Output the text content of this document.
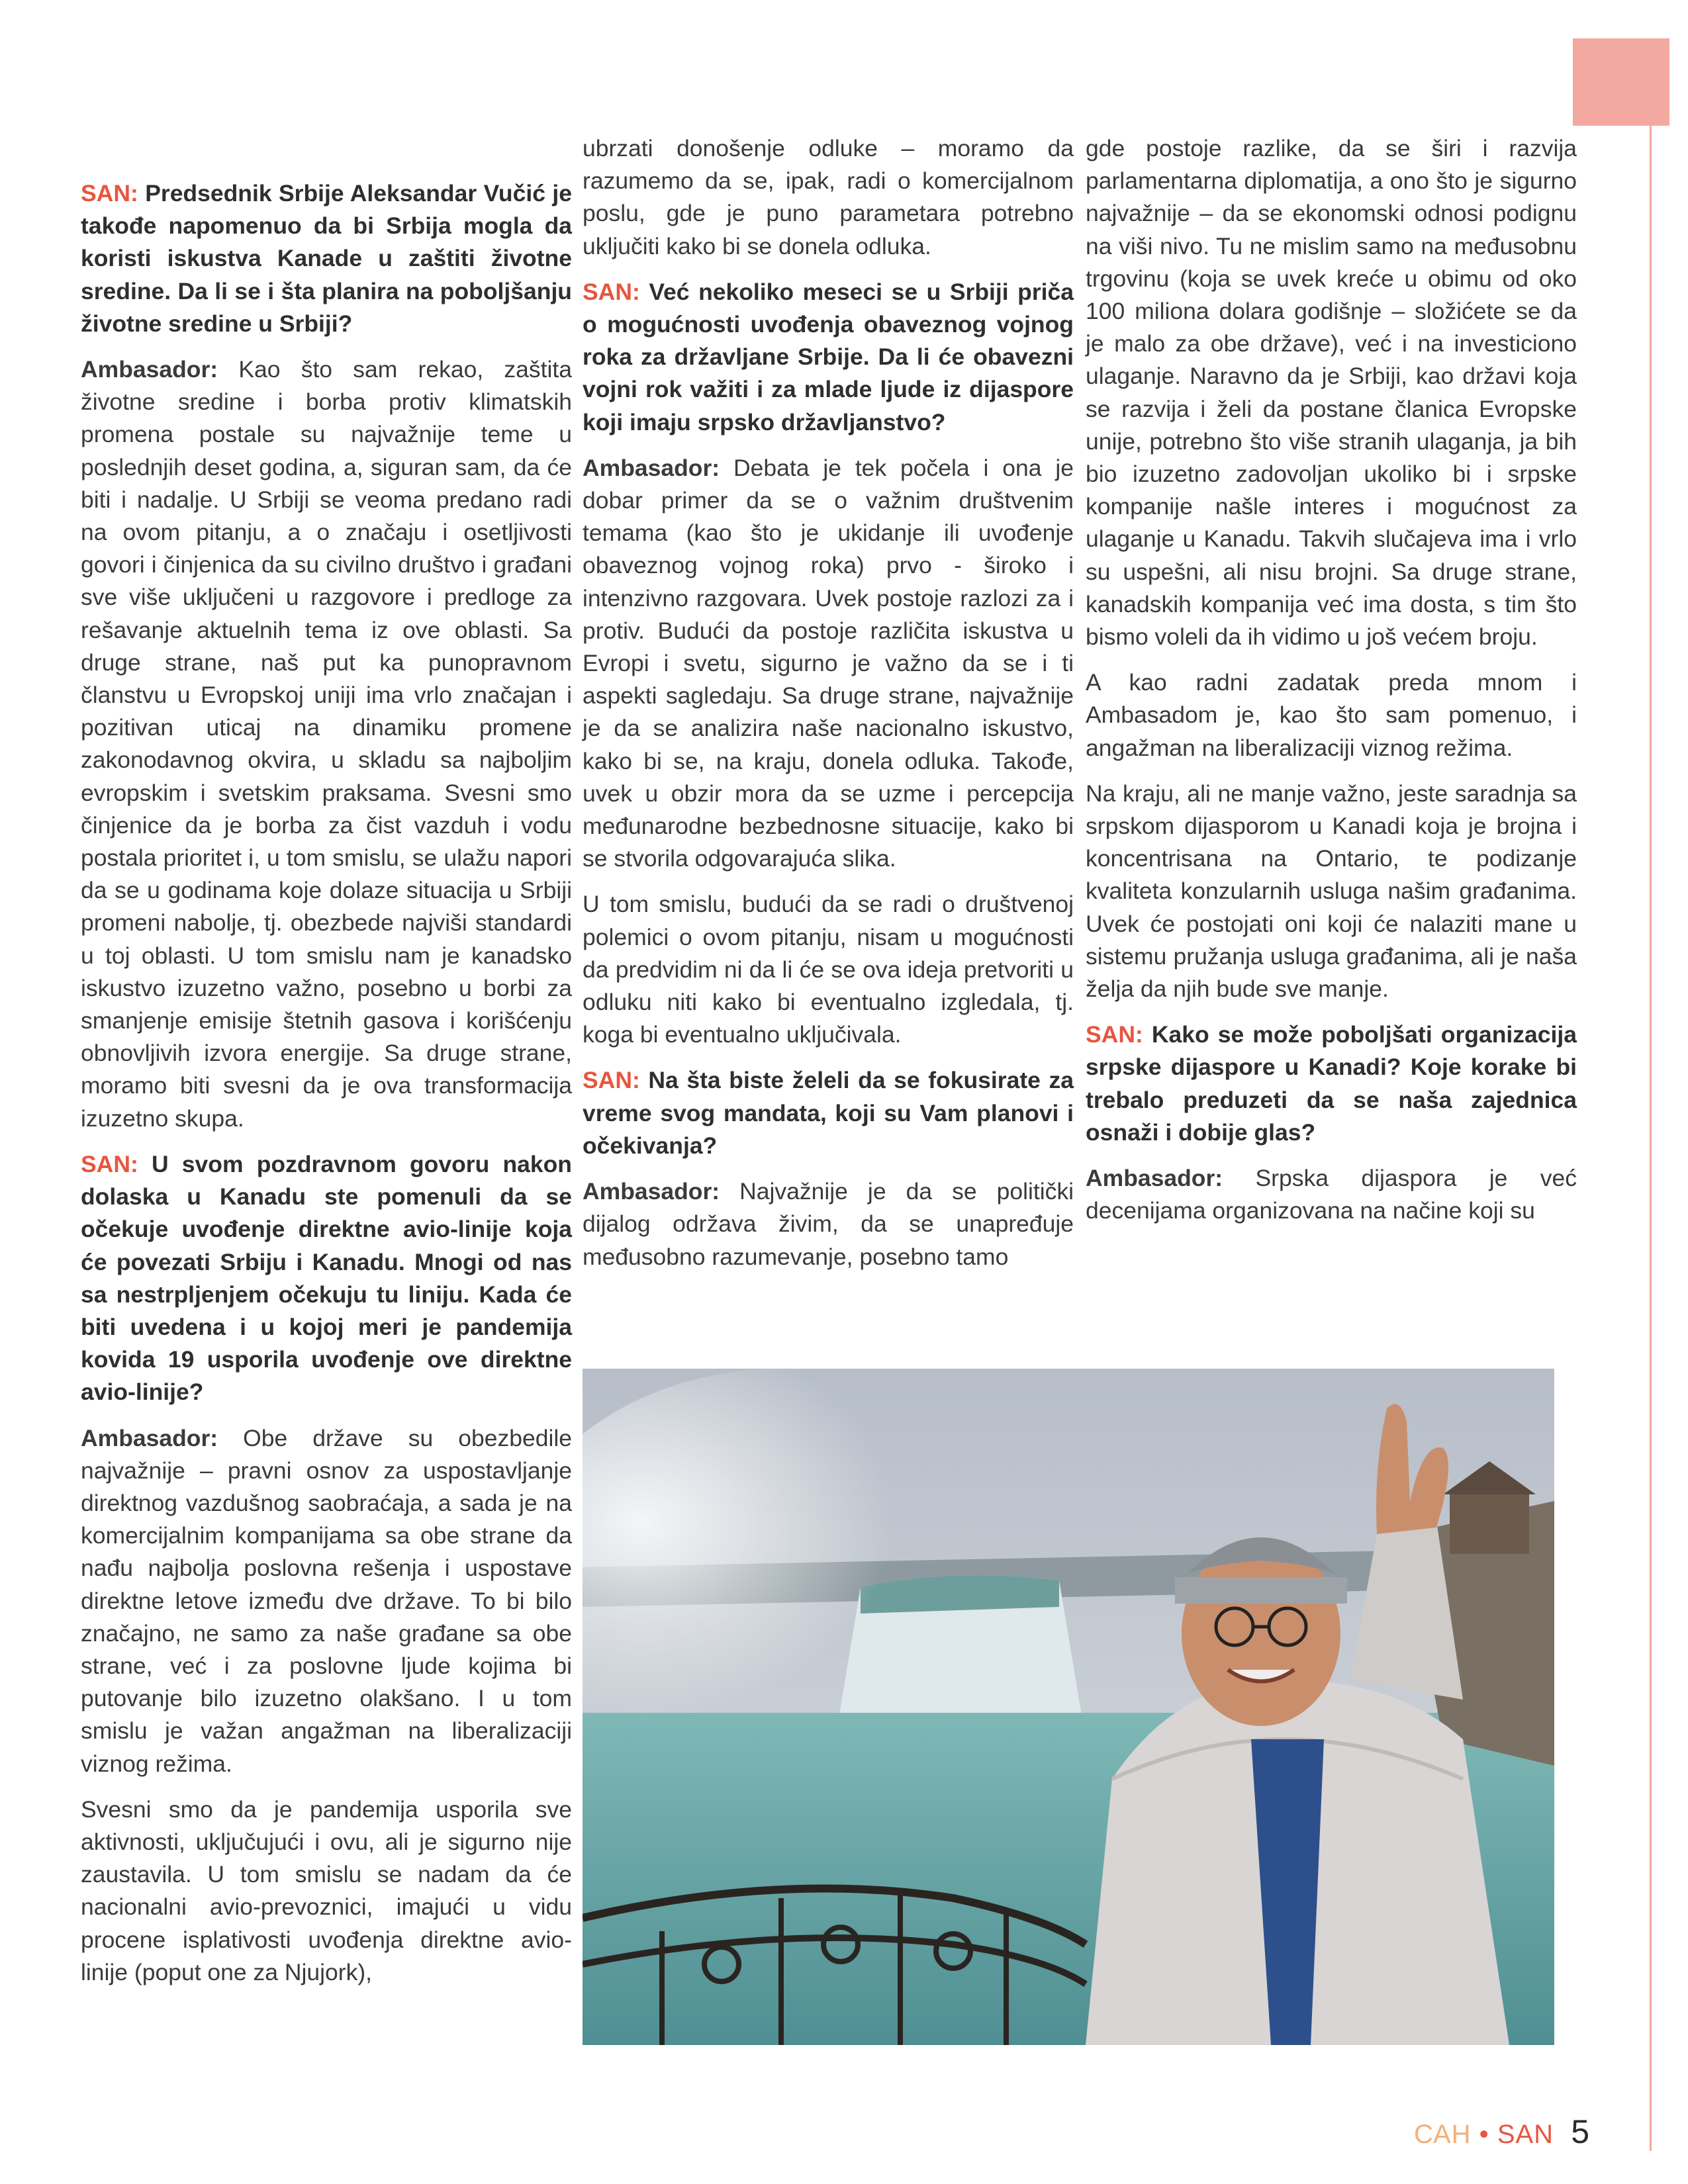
SAN: Predsednik Srbije Aleksandar Vučić je takođe napomenuo da bi Srbija mogla da koristi iskustva Kanade u zaštiti životne sredine. Da li se i šta planira na poboljšanju životne sredine u Srbiji?

Ambasador: Kao što sam rekao, zaštita životne sredine i borba protiv klimatskih promena postale su najvažnije teme u poslednjih deset godina, a, siguran sam, da će biti i nadalje. U Srbiji se veoma predano radi na ovom pitanju, a o značaju i osetljivosti govori i činjenica da su civilno društvo i građani sve više uključeni u razgovore i predloge za rešavanje aktuelnih tema iz ove oblasti. Sa druge strane, naš put ka punopravnom članstvu u Evropskoj uniji ima vrlo značajan i pozitivan uticaj na dinamiku promene zakonodavnog okvira, u skladu sa najboljim evropskim i svetskim praksama. Svesni smo činjenice da je borba za čist vazduh i vodu postala prioritet i, u tom smislu, se ulažu napori da se u godinama koje dolaze situacija u Srbiji promeni nabolje, tj. obezbede najviši standardi u toj oblasti. U tom smislu nam je kanadsko iskustvo izuzetno važno, posebno u borbi za smanjenje emisije štetnih gasova i korišćenju obnovljivih izvora energije. Sa druge strane, moramo biti svesni da je ova transformacija izuzetno skupa.

SAN: U svom pozdravnom govoru nakon dolaska u Kanadu ste pomenuli da se očekuje uvođenje direktne avio-linije koja će povezati Srbiju i Kanadu. Mnogi od nas sa nestrpljenjem očekuju tu liniju. Kada će biti uvedena i u kojoj meri je pandemija kovida 19 usporila uvođenje ove direktne avio-linije?

Ambasador: Obe države su obezbedile najvažnije – pravni osnov za uspostavljanje direktnog vazdušnog saobraćaja, a sada je na komercijalnim kompanijama sa obe strane da nađu najbolja poslovna rešenja i uspostave direktne letove između dve države. To bi bilo značajno, ne samo za naše građane sa obe strane, već i za poslovne ljude kojima bi putovanje bilo izuzetno olakšano. I u tom smislu je važan angažman na liberalizaciji viznog režima.

Svesni smo da je pandemija usporila sve aktivnosti, uključujući i ovu, ali je sigurno nije zaustavila. U tom smislu se nadam da će nacionalni avio-prevoznici, imajući u vidu procene isplativosti uvođenja direktne avio-linije (poput one za Njujork),

ubrzati donošenje odluke – moramo da razumemo da se, ipak, radi o komercijalnom poslu, gde je puno parametara potrebno uključiti kako bi se donela odluka.

SAN: Već nekoliko meseci se u Srbiji priča o mogućnosti uvođenja obaveznog vojnog roka za državljane Srbije. Da li će obavezni vojni rok važiti i za mlade ljude iz dijaspore koji imaju srpsko državljanstvo?

Ambasador: Debata je tek počela i ona je dobar primer da se o važnim društvenim temama (kao što je ukidanje ili uvođenje obaveznog vojnog roka) prvo - široko i intenzivno razgovara. Uvek postoje razlozi za i protiv. Budući da postoje različita iskustva u Evropi i svetu, sigurno je važno da se i ti aspekti sagledaju. Sa druge strane, najvažnije je da se analizira naše nacionalno iskustvo, kako bi se, na kraju, donela odluka. Takođe, uvek u obzir mora da se uzme i percepcija međunarodne bezbednosne situacije, kako bi se stvorila odgovarajuća slika.

U tom smislu, budući da se radi o društvenoj polemici o ovom pitanju, nisam u mogućnosti da predvidim ni da li će se ova ideja pretvoriti u odluku niti kako bi eventualno izgledala, tj. koga bi eventualno uključivala.

SAN: Na šta biste želeli da se fokusirate za vreme svog mandata, koji su Vam planovi i očekivanja?

Ambasador: Najvažnije je da se politički dijalog održava živim, da se unapređuje međusobno razumevanje, posebno tamo

gde postoje razlike, da se širi i razvija parlamentarna diplomatija, a ono što je sigurno najvažnije – da se ekonomski odnosi podignu na viši nivo. Tu ne mislim samo na međusobnu trgovinu (koja se uvek kreće u obimu od oko 100 miliona dolara godišnje – složićete se da je malo za obe države), već i na investiciono ulaganje. Naravno da je Srbiji, kao državi koja se razvija i želi da postane članica Evropske unije, potrebno što više stranih ulaganja, ja bih bio izuzetno zadovoljan ukoliko bi i srpske kompanije našle interes i mogućnost za ulaganje u Kanadu. Takvih slučajeva ima i vrlo su uspešni, ali nisu brojni. Sa druge strane, kanadskih kompanija već ima dosta, s tim što bismo voleli da ih vidimo u još većem broju.

A kao radni zadatak preda mnom i Ambasadom je, kao što sam pomenuo, i angažman na liberalizaciji viznog režima.

Na kraju, ali ne manje važno, jeste saradnja sa srpskom dijasporom u Kanadi koja je brojna i koncentrisana na Ontario, te podizanje kvaliteta konzularnih usluga našim građanima. Uvek će postojati oni koji će nalaziti mane u sistemu pružanja usluga građanima, ali je naša želja da njih bude sve manje.

SAN: Kako se može poboljšati organizacija srpske dijaspore u Kanadi? Koje korake bi trebalo preduzeti da se naša zajednica osnaži i dobije glas?

Ambasador: Srpska dijaspora je već decenijama organizovana na načine koji su

САН • SAN 5
